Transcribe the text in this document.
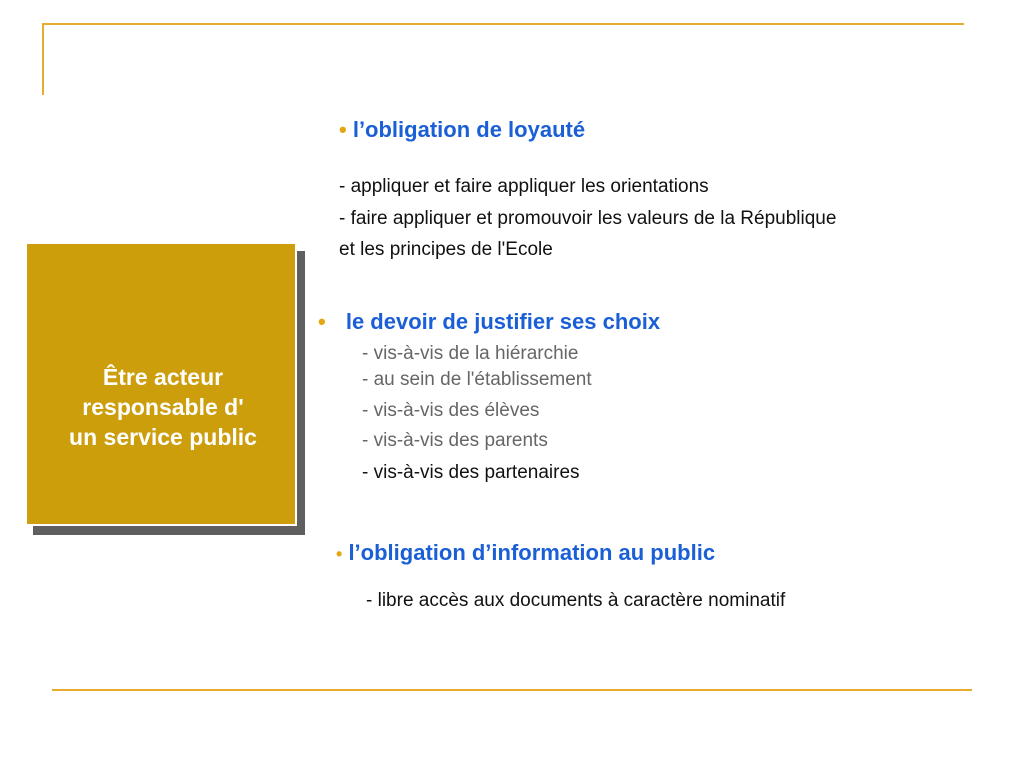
Être acteur
responsable d'
un service public
• l’obligation de loyauté
- appliquer et faire appliquer les orientations
- faire appliquer et promouvoir les valeurs de la République
et les principes de l'Ecole
• le devoir de justifier ses choix
- vis-à-vis de la hiérarchie
- au sein de l'établissement
- vis-à-vis des élèves
- vis-à-vis des parents
- vis-à-vis des partenaires
• l’obligation d’information au public
- libre accès aux documents à caractère nominatif
